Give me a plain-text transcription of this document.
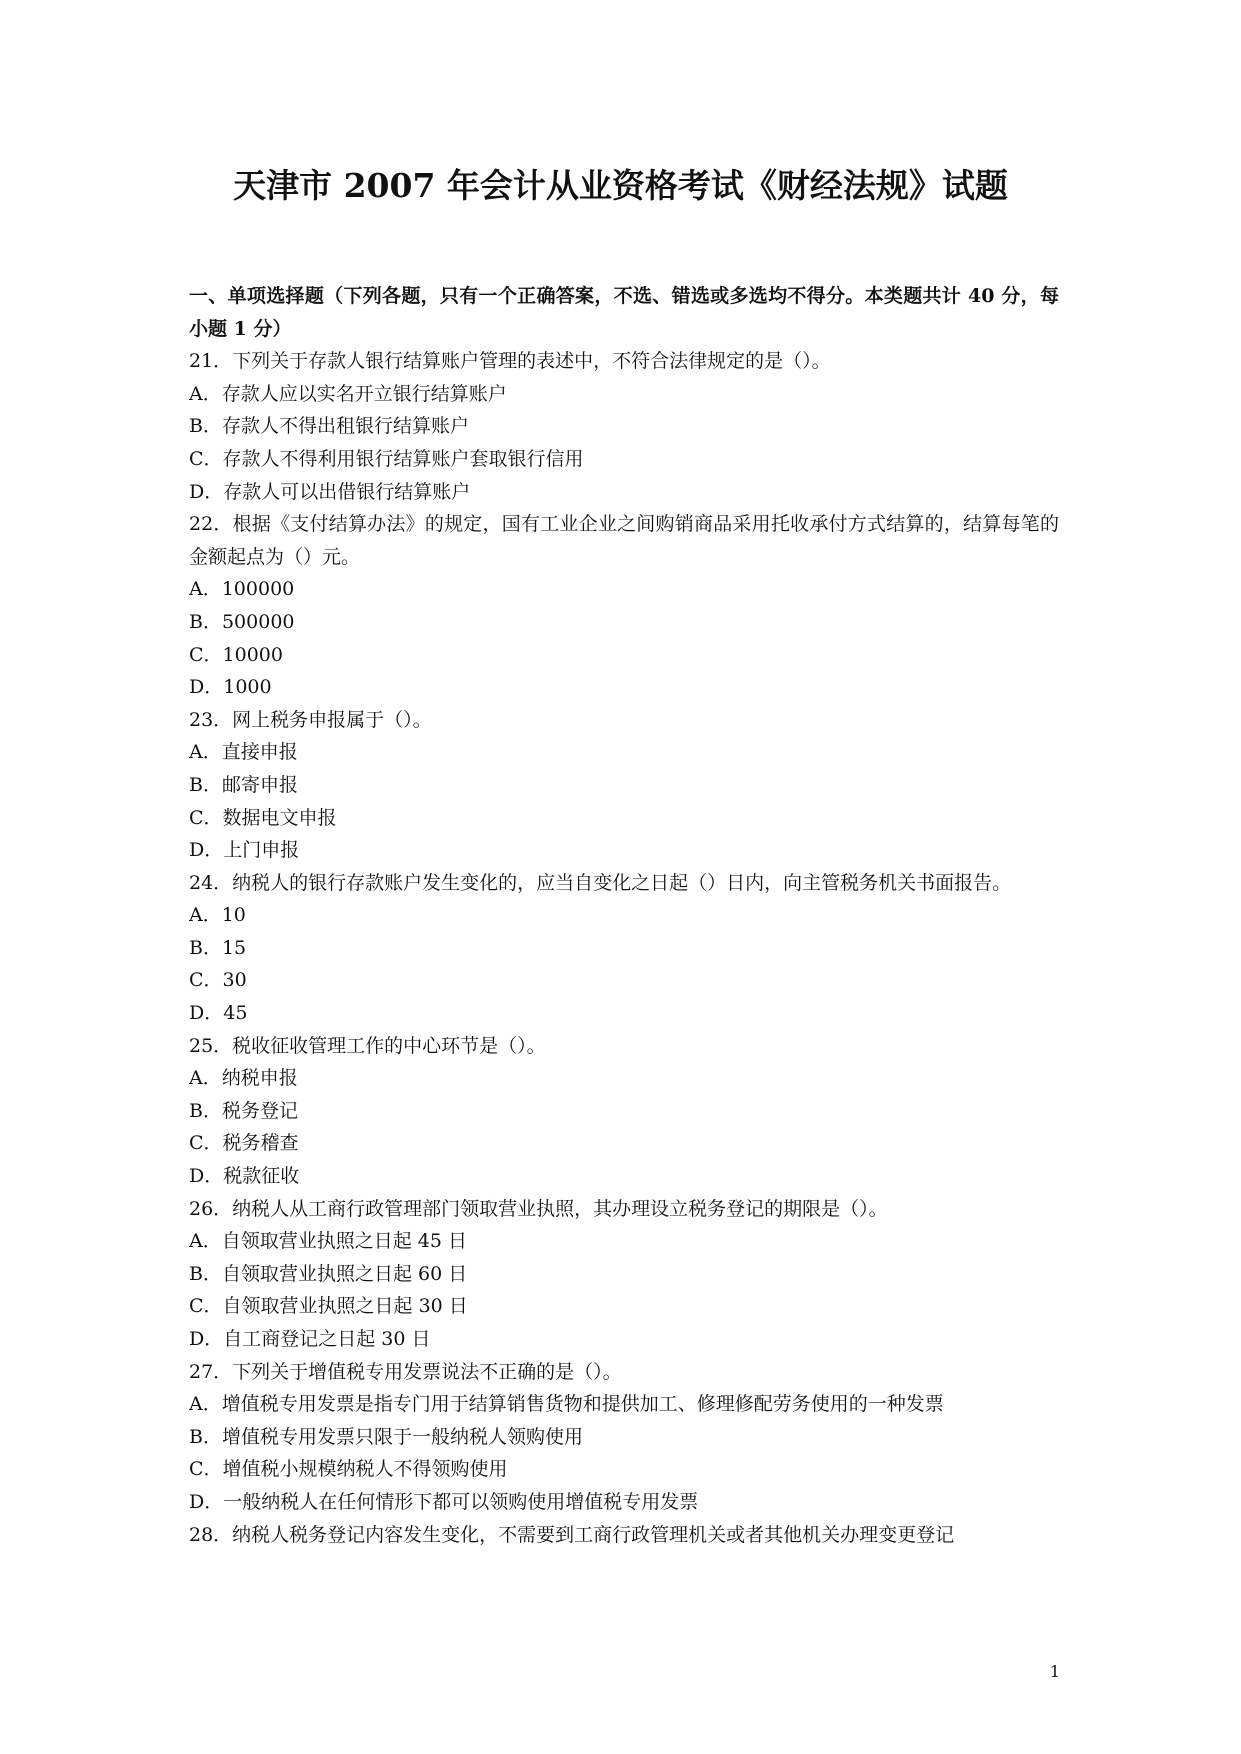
天津市 2007 年会计从业资格考试《财经法规》试题
一、单项选择题（下列各题，只有一个正确答案，不选、错选或多选均不得分。本类题共计 40 分，每小题 1 分）
21．下列关于存款人银行结算账户管理的表述中，不符合法律规定的是（）。
A．存款人应以实名开立银行结算账户
B．存款人不得出租银行结算账户
C．存款人不得利用银行结算账户套取银行信用
D．存款人可以出借银行结算账户
22．根据《支付结算办法》的规定，国有工业企业之间购销商品采用托收承付方式结算的，结算每笔的金额起点为（）元。
A．100000
B．500000
C．10000
D．1000
23．网上税务申报属于（）。
A．直接申报
B．邮寄申报
C．数据电文申报
D．上门申报
24．纳税人的银行存款账户发生变化的，应当自变化之日起（）日内，向主管税务机关书面报告。
A．10
B．15
C．30
D．45
25．税收征收管理工作的中心环节是（）。
A．纳税申报
B．税务登记
C．税务稽查
D．税款征收
26．纳税人从工商行政管理部门领取营业执照，其办理设立税务登记的期限是（）。
A．自领取营业执照之日起 45 日
B．自领取营业执照之日起 60 日
C．自领取营业执照之日起 30 日
D．自工商登记之日起 30 日
27．下列关于增值税专用发票说法不正确的是（）。
A．增值税专用发票是指专门用于结算销售货物和提供加工、修理修配劳务使用的一种发票
B．增值税专用发票只限于一般纳税人领购使用
C．增值税小规模纳税人不得领购使用
D．一般纳税人在任何情形下都可以领购使用增值税专用发票
28．纳税人税务登记内容发生变化，不需要到工商行政管理机关或者其他机关办理变更登记
1
